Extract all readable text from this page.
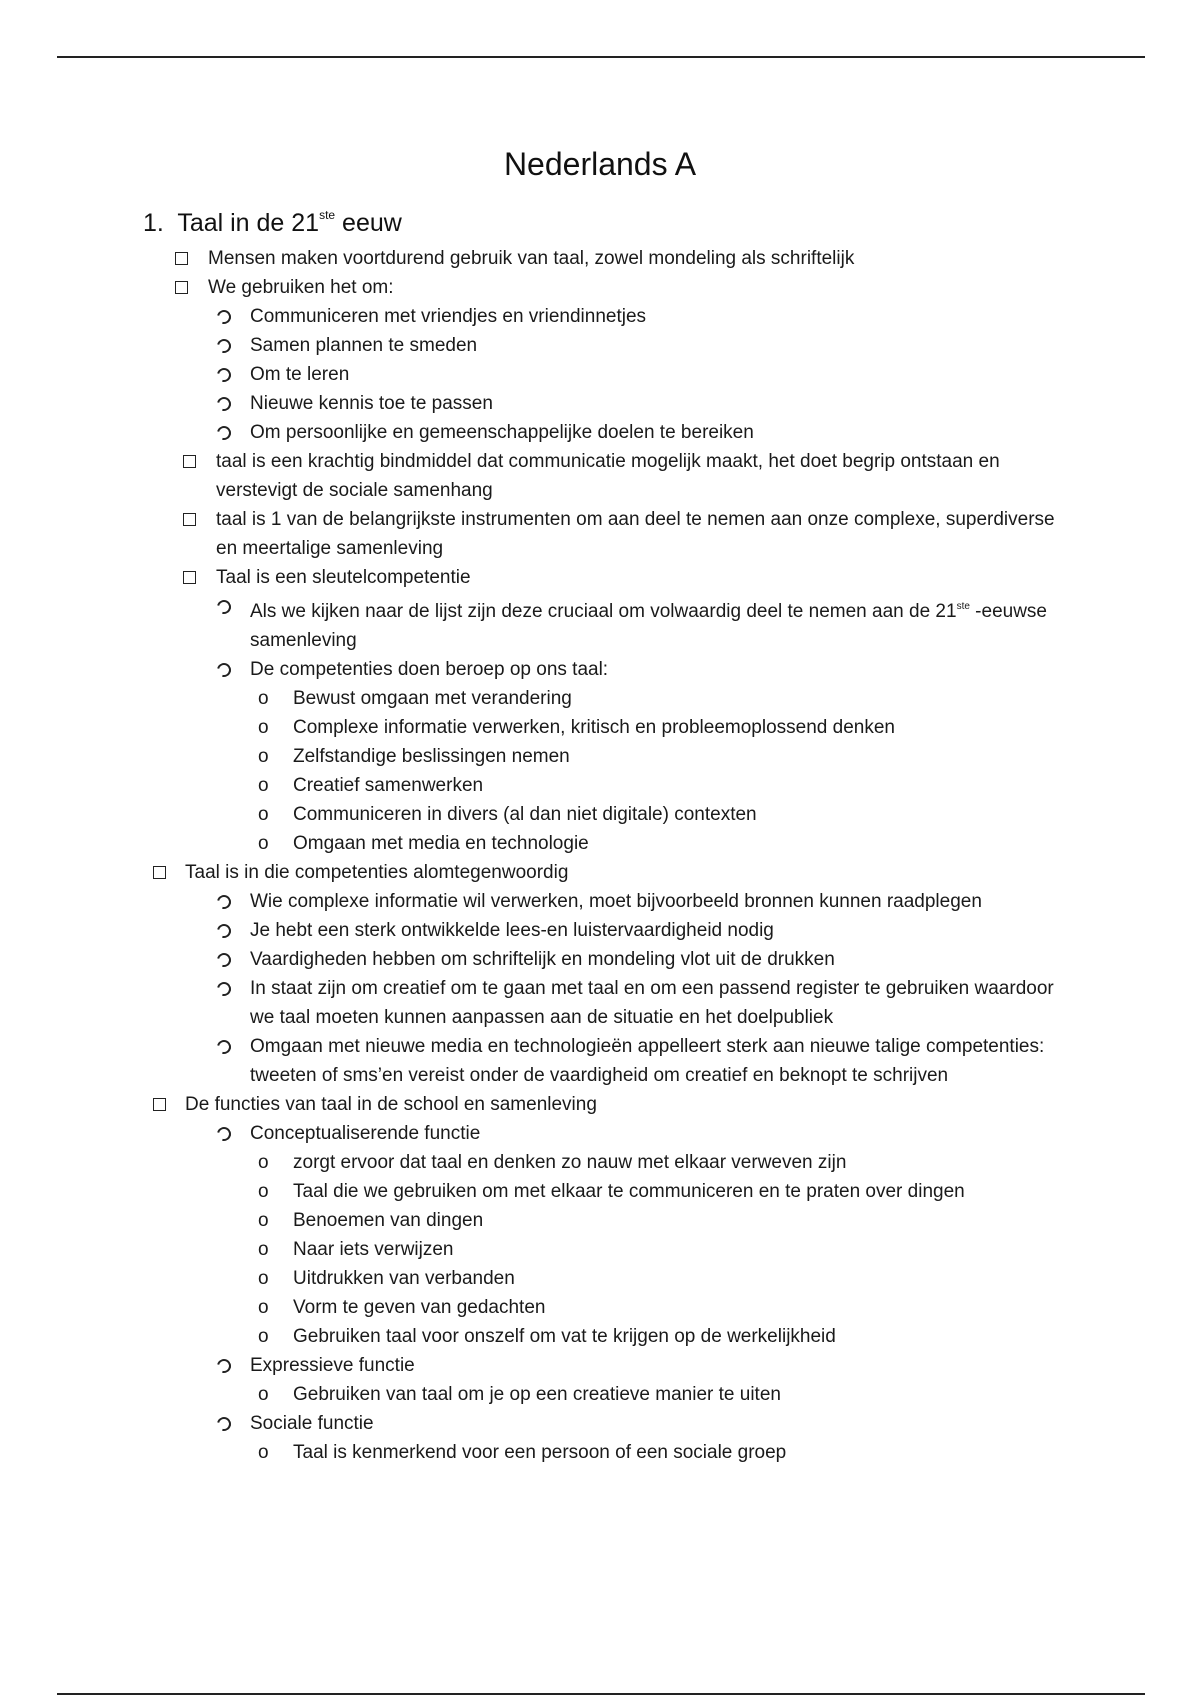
Nederlands A
1. Taal in de 21ste eeuw
Mensen maken voortdurend gebruik van taal, zowel mondeling als schriftelijk
We gebruiken het om:
Communiceren met vriendjes en vriendinnetjes
Samen plannen te smeden
Om te leren
Nieuwe kennis toe te passen
Om persoonlijke en gemeenschappelijke doelen te bereiken
taal is een krachtig bindmiddel dat communicatie mogelijk maakt, het doet begrip ontstaan en verstevigt de sociale samenhang
taal is 1 van de belangrijkste instrumenten om aan deel te nemen aan onze complexe, superdiverse en meertalige samenleving
Taal is een sleutelcompetentie
Als we kijken naar de lijst zijn deze cruciaal om volwaardig deel te nemen aan de 21ste -eeuwse samenleving
De competenties doen beroep op ons taal:
o Bewust omgaan met verandering
o Complexe informatie verwerken, kritisch en probleemoplossend denken
o Zelfstandige beslissingen nemen
o Creatief samenwerken
o Communiceren in divers (al dan niet digitale) contexten
o Omgaan met media en technologie
Taal is in die competenties alomtegenwoordig
Wie complexe informatie wil verwerken, moet bijvoorbeeld bronnen kunnen raadplegen
Je hebt een sterk ontwikkelde lees-en luistervaardigheid nodig
Vaardigheden hebben om schriftelijk en mondeling vlot uit de drukken
In staat zijn om creatief om te gaan met taal en om een passend register te gebruiken waardoor we taal moeten kunnen aanpassen aan de situatie en het doelpubliek
Omgaan met nieuwe media en technologieën appelleert sterk aan nieuwe talige competenties: tweeten of sms’en vereist onder de vaardigheid om creatief en beknopt te schrijven
De functies van taal in de school en samenleving
Conceptualiserende functie
o zorgt ervoor dat taal en denken zo nauw met elkaar verweven zijn
o Taal die we gebruiken om met elkaar te communiceren en te praten over dingen
o Benoemen van dingen
o Naar iets verwijzen
o Uitdrukken van verbanden
o Vorm te geven van gedachten
o Gebruiken taal voor onszelf om vat te krijgen op de werkelijkheid
Expressieve functie
o Gebruiken van taal om je op een creatieve manier te uiten
Sociale functie
o Taal is kenmerkend voor een persoon of een sociale groep
